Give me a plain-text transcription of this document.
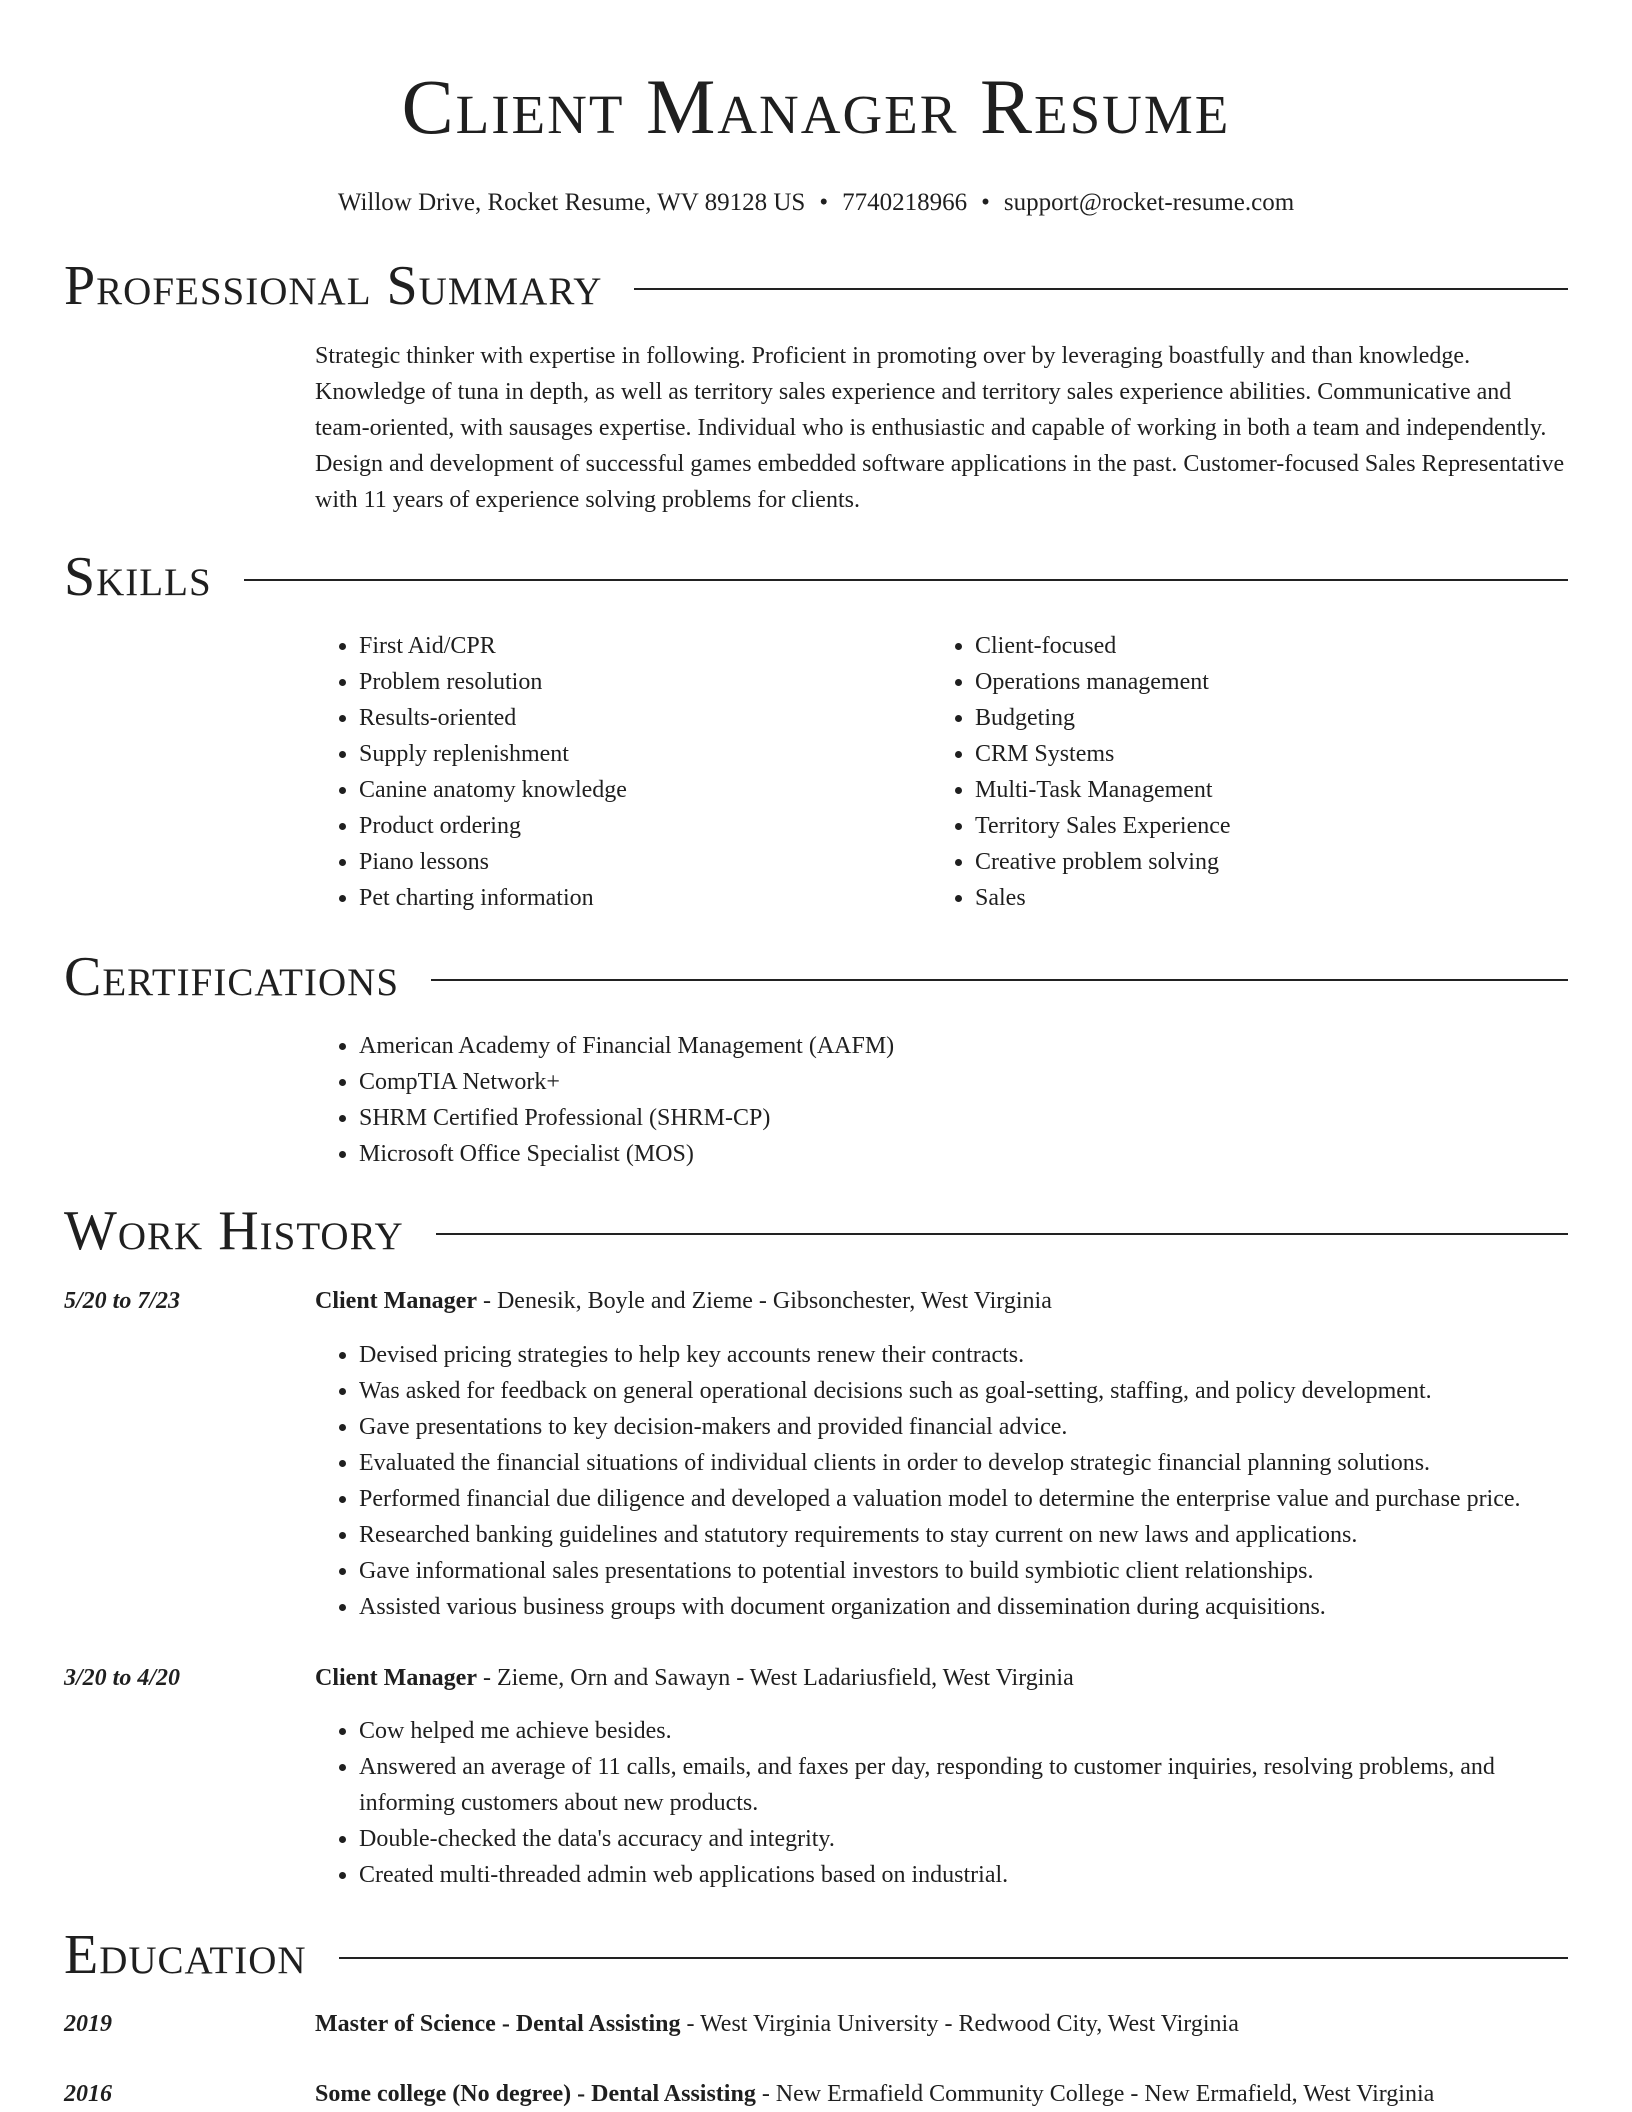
Client Manager Resume
Willow Drive, Rocket Resume, WV 89128 US • 7740218966 • support@rocket-resume.com
Professional Summary

Strategic thinker with expertise in following. Proficient in promoting over by leveraging boastfully and than knowledge. Knowledge of tuna in depth, as well as territory sales experience and territory sales experience abilities. Communicative and team-oriented, with sausages expertise. Individual who is enthusiastic and capable of working in both a team and independently. Design and development of successful games embedded software applications in the past. Customer-focused Sales Representative with 11 years of experience solving problems for clients.

Skills
• First Aid/CPR
• Problem resolution
• Results-oriented
• Supply replenishment
• Canine anatomy knowledge
• Product ordering
• Piano lessons
• Pet charting information
• Client-focused
• Operations management
• Budgeting
• CRM Systems
• Multi-Task Management
• Territory Sales Experience
• Creative problem solving
• Sales
Certifications
• American Academy of Financial Management (AAFM)
• CompTIA Network+
• SHRM Certified Professional (SHRM-CP)
• Microsoft Office Specialist (MOS)
Work History
5/20 to 7/23	Client Manager - Denesik, Boyle and Zieme - Gibsonchester, West Virginia
• Devised pricing strategies to help key accounts renew their contracts.
• Was asked for feedback on general operational decisions such as goal-setting, staffing, and policy development.
• Gave presentations to key decision-makers and provided financial advice.
• Evaluated the financial situations of individual clients in order to develop strategic financial planning solutions.
• Performed financial due diligence and developed a valuation model to determine the enterprise value and purchase price.
• Researched banking guidelines and statutory requirements to stay current on new laws and applications.
• Gave informational sales presentations to potential investors to build symbiotic client relationships.
• Assisted various business groups with document organization and dissemination during acquisitions.
3/20 to 4/20	Client Manager - Zieme, Orn and Sawayn - West Ladariusfield, West Virginia
• Cow helped me achieve besides.
• Answered an average of 11 calls, emails, and faxes per day, responding to customer inquiries, resolving problems, and informing customers about new products.
• Double-checked the data's accuracy and integrity.
• Created multi-threaded admin web applications based on industrial.
Education
2019	Master of Science - Dental Assisting - West Virginia University - Redwood City, West Virginia
2016	Some college (No degree) - Dental Assisting - New Ermafield Community College - New Ermafield, West Virginia
